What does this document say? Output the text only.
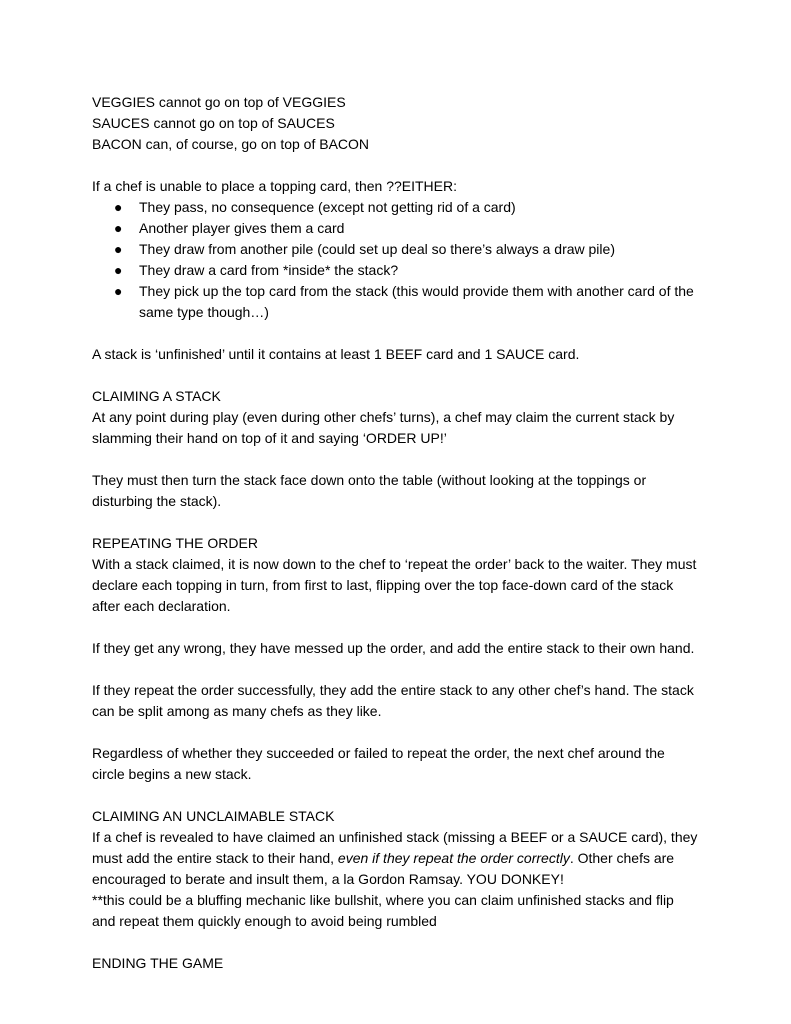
VEGGIES cannot go on top of VEGGIES

SAUCES cannot go on top of SAUCES

BACON can, of course, go on top of BACON

If a chef is unable to place a topping card, then ??EITHER:

● They pass, no consequence (except not getting rid of a card)
● Another player gives them a card
● They draw from another pile (could set up deal so there’s always a draw pile)
● They draw a card from *inside* the stack?
● They pick up the top card from the stack (this would provide them with another card of the same type though…)

A stack is ‘unfinished’ until it contains at least 1 BEEF card and 1 SAUCE card.

CLAIMING A STACK

At any point during play (even during other chefs’ turns), a chef may claim the current stack by slamming their hand on top of it and saying ‘ORDER UP!’

They must then turn the stack face down onto the table (without looking at the toppings or disturbing the stack).

REPEATING THE ORDER

With a stack claimed, it is now down to the chef to ‘repeat the order’ back to the waiter. They must declare each topping in turn, from first to last, flipping over the top face-down card of the stack after each declaration.

If they get any wrong, they have messed up the order, and add the entire stack to their own hand.

If they repeat the order successfully, they add the entire stack to any other chef’s hand. The stack can be split among as many chefs as they like.

Regardless of whether they succeeded or failed to repeat the order, the next chef around the circle begins a new stack.

CLAIMING AN UNCLAIMABLE STACK

If a chef is revealed to have claimed an unfinished stack (missing a BEEF or a SAUCE card), they must add the entire stack to their hand, even if they repeat the order correctly. Other chefs are encouraged to berate and insult them, a la Gordon Ramsay. YOU DONKEY!

**this could be a bluffing mechanic like bullshit, where you can claim unfinished stacks and flip and repeat them quickly enough to avoid being rumbled

ENDING THE GAME
